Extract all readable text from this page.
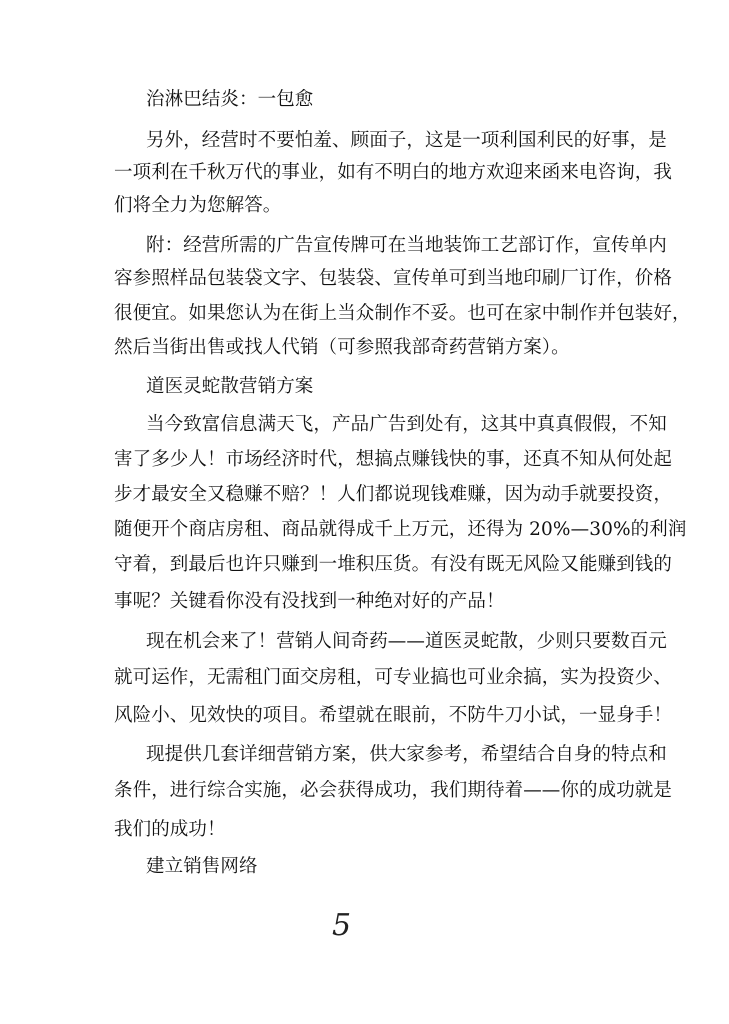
治淋巴结炎：一包愈
另外，经营时不要怕羞、顾面子，这是一项利国利民的好事，是
一项利在千秋万代的事业，如有不明白的地方欢迎来函来电咨询，我
们将全力为您解答。
附：经营所需的广告宣传牌可在当地装饰工艺部订作，宣传单内
容参照样品包装袋文字、包装袋、宣传单可到当地印刷厂订作，价格
很便宜。如果您认为在街上当众制作不妥。也可在家中制作并包装好，
然后当街出售或找人代销（可参照我部奇药营销方案）。
道医灵蛇散营销方案
当今致富信息满天飞，产品广告到处有，这其中真真假假，不知
害了多少人！市场经济时代，想搞点赚钱快的事，还真不知从何处起
步才最安全又稳赚不赔？！人们都说现钱难赚，因为动手就要投资，
随便开个商店房租、商品就得成千上万元，还得为 20%—30%的利润
守着，到最后也许只赚到一堆积压货。有没有既无风险又能赚到钱的
事呢？关键看你没有没找到一种绝对好的产品！
现在机会来了！营销人间奇药——道医灵蛇散，少则只要数百元
就可运作，无需租门面交房租，可专业搞也可业余搞，实为投资少、
风险小、见效快的项目。希望就在眼前，不防牛刀小试，一显身手！
现提供几套详细营销方案，供大家参考，希望结合自身的特点和
条件，进行综合实施，必会获得成功，我们期待着——你的成功就是
我们的成功！
建立销售网络
5
